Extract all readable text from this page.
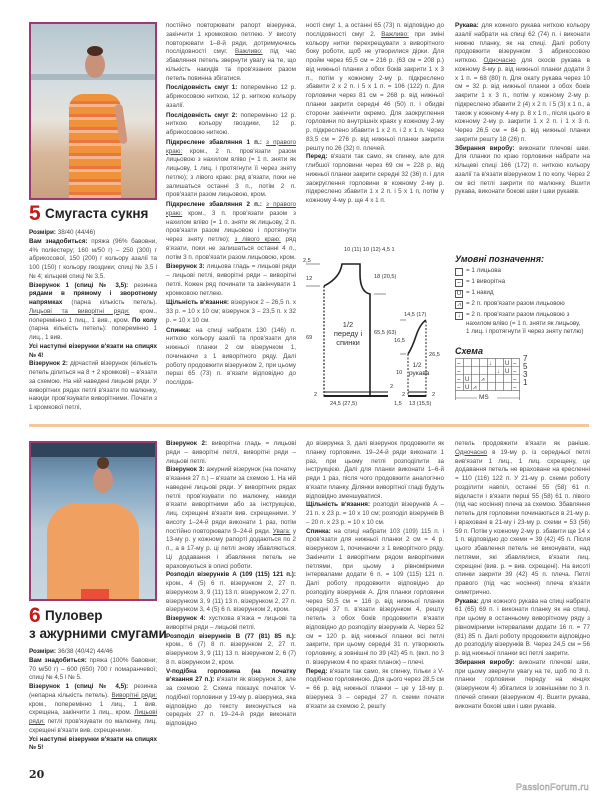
5 Смугаста сукня

Розміри: 38/40 (44/46)

Вам знадобиться: пряжа (96% бавовни, 4% поліестеру; 160 м/50 г) – 250 (300) г абрикосової, 150 (200) г кольору азалії та 100 (150) г кольору гвоздики; спиці № 3,5 і № 4; кільцеві спиці № 3,5.

Візерунок 1 (спиці № 3,5): резинка рядами в прямому і зворотному напрямках (парна кількість петель). Лицьові та виворітні ряди: кром., поперемінно 1 лиц., 1 вив., кром. По колу (парна кількість петель): поперемінно 1 лиц., 1 вив.

Усі наступні візерунки в'язати на спицях № 4!

Візерунок 2: дірчастий візерунок (кількість петель ділиться на 8 + 2 кромкові) – в'язати за схемою. На ній наведені лицьові ряди. У виворітних рядах петлі в'язати по малюнку, накиди пров'язувати виворітними. Почати з 1 кромкової петлі,

постійно повторювати рапорт візерунка, закінчити 1 кромковою петлею. У висоту повторювати 1–8-й ряди, дотримуючись послідовності смуг. Важливо: під час збавляння петель звернути увагу на те, що кількість накидів та пров'язаних разом петель повинна збігатися.

Послідовність смуг 1: поперемінно 12 р. абрикосовою ниткою, 12 р. ниткою кольору азалії.

Послідовність смуг 2: поперемінно 12 р. ниткою кольору гвоздики, 12 р. абрикосовою ниткою.

Підкреслене збавляння 1 п.: з правого краю: кром., 2 п. пров'язати разом лицьовою з нахилом вліво (= 1 п. зняти як лицьову, 1 лиц. і протягнути її через зняту петлю); з лівого краю: ряд в'язати, поки не залишаться останні 3 п., потім 2 п. пров'язати разом лицьовою, кром.

Підкреслене збавляння 2 п.: з правого краю: кром., 3 п. пров'язати разом з нахилом вліво (= 1 п. зняти як лицьову, 2 п. пров'язати разом лицьовою і протягнути через зняту петлю); з лівого краю: ряд в'язати, поки не залишаться останні 4 п., потім 3 п. пров'язати разом лицьовою, кром.

Візерунок 3: лицьова гладь = лицьові ряди – лицьові петлі, виворітні ряди – виворітні петлі. Кожен ряд починати та закінчувати 1 кромковою петлею.

Щільність в'язання: візерунок 2 – 26,5 п. x 33 р. = 10 x 10 см; візерунок 3 – 23,5 п. x 32 р. = 10 x 10 см.

Спинка: на спиці набрати 130 (146) п. ниткою кольору азалії та пров'язати для нижньої планки 2 см візерунком 1, починаючи з 1 виворітного ряду. Далі роботу продовжити візерунком 2, при цьому перші 65 (73) п. в'язати відповідно до послідов-

ності смуг 1, а останні 65 (73) п. відповідно до послідовності смуг 2. Важливо: при зміні кольору нитки перехрещувати з виворітного боку роботи, щоб не утворилися дірки. Для пройм через 65,5 см = 216 р. (63 см = 208 р.) від нижньої планки з обох боків закрити 1 x 3 п., потім у кожному 2-му р. підкреслено збавити 2 x 2 п. і 5 x 1 п. = 106 (122) п. Для горловини через 81 см = 268 р. від нижньої планки закрити середні 46 (50) п. і обидві сторони закінчити окремо. Для заокруглення горловини по внутрішніх краях у кожному 2-му р. підкреслено збавити 1 x 2 п. і 2 x 1 п. Через 83,5 см = 276 р. від нижньої планки закрити решту по 26 (32) п. плечей.

Перед: в'язати так само, як спинку, але для глибшої горловини через 69 см = 228 р. від нижньої планки закрити середні 32 (36) п. і для заокруглення горловини в кожному 2-му р. підкреслено збавити 1 x 2 п. і 5 x 1 п, потім у кожному 4-му р. ще 4 x 1 п.

Рукава: для кожного рукава ниткою кольору азалії набрати на спиці 62 (74) п. і виконати нижню планку, як на спиці. Далі роботу продовжити візерунком 3 абрикосовою ниткою. Одночасно для скосів рукава в кожному 8-му р. від нижньої планки додати 3 x 1 п. = 68 (80) п. Для окату рукава через 10 см = 32 р. від нижньої планки з обох боків закрити 1 x 3 п., потім у кожному 2-му р. підкреслено збавити 2 (4) x 2 п. і 5 (3) x 1 п., а також у кожному 4-му р. 8 x 1 п., після цього в кожному 2-му р. закрити 1 x 2 п. і 1 x 3 п. Через 26,5 см = 84 р. від нижньої планки закрити решту 18 (26) п.

Збирання виробу: виконати плечові шви. Для планки по краю горловини набрати на кільцеві спиці 166 (172) п. ниткою кольору азалії та в'язати візерунком 1 по колу. Через 2 см всі петлі закрити по малюнку. Вшити рукава, виконати бокові шви і шви рукавів.

Умовні позначення:
= 1 лицьова
– = 1 виворітна
U = 1 накид
⩘ = 2 п. пров'язати разом лицьовою
↓ = 2 п. пров'язати разом лицьовою з нахилом вліво (= 1 п. зняти як лицьову, 1 лиц. і протягнути її через зняту петлю)
Схема
–
–
–
–
U
U ⩘
⩘
↓
↓
U
U
–
–
–
–
7
5
3
1
MS
10 (11) 10 (12) 4,5 1
2,5
12	18 (20,5)
1/2 переду і спинки
69
65,5 (63)
2
2
24,5 (27,5)
14,5 (17)
16,5
10
26,5
1/2 рукава
2	2
1,5 13 (15,5)
6 Пуловер
з ажурними смугами

Розміри: 36/38 (40/42) 44/46

Вам знадобиться: пряжа (100% бавовни; 70 м/50 г) – 600 (650) 700 г помаранчевої; спиці № 4,5 і № 5.

Візерунок 1 (спиці № 4,5): резинка (непарна кількість петель). Виворітні ряди: кром., поперемінно 1 лиц., 1 вив. схрещена, закінчити 1 лиц., кром. Лицьові ряди: петлі пров'язувати по малюнку, лиц. схрещені в'язати вив. схрещеними.

Усі наступні візерунки в'язати на спицях № 5!

Візерунок 2: виворітна гладь = лицьові ряди – виворітні петлі, виворітні ряди – лицьові петлі.

Візерунок 3: ажурний візерунок (на початку в'язання 27 п.) – в'язати за схемою 1. На ній наведені лицьові ряди. У виворітних рядах петлі пров'язувати по малюнку, накиди в'язати виворітними або за інструкцією, лиц. схрещені в'язати вив. схрещеними. У висоту 1–24-й ряди виконати 1 раз, потім постійно повторювати 9–24-й ряди. Увага: у 13-му р. у кожному рапорті додаються по 2 п., а в 17-му р. ці петлі знову збавляються. Ці додавання і збавляння петель не враховуються в описі роботи.

Розподіл візерунків А (109 (115) 121 п.): кром., 4 (5) 6 п. візерунком 2, 27 п. візерунком 3, 9 (11) 13 п. візерунком 2, 27 п. візерунком 3, 9 (11) 13 п. візерунком 2, 27 п. візерунком 3, 4 (5) 6 п. візерунком 2, кром.

Візерунок 4: хусткова в'язка = лицьові та виворітні ряди – лицьові петлі.

Розподіл візерунків В (77 (81) 85 п.): кром., 6 (7) 8 п. візерунком 2, 27 п. візерунком 3, 9 (11) 13 п. візерунком 2, 6 (7) 8 п. візерунком 2, кром.

V-подібна горловина (на початку в'язання 27 п.): в'язати як візерунок 3, але за схемою 2. Схема показує початок V-подібної горловини у 19-му р. візерунка, яка відповідно до тексту виконується на середніх 27 п. 19–24-й ряди виконати відповідно

до візерунка 3, далі візерунок продовжити як планку горловини. 19–24-й ряди виконати 1 раз, при цьому петлі розподілити за інструкцією. Далі для планки виконати 1–6-й ряди 1 раз, після чого продовжити аналогічно в'язати планку. Ділянки виворітної гладі будуть відповідно зменшуватися.

Щільність в'язання: розподіл візерунків А – 21 п. x 23 р. = 10 x 10 см; розподіл візерунків В – 20 п. x 23 р. = 10 x 10 см.

Спинка: на спиці набрати 103 (109) 115 п. і пров'язати для нижньої планки 2 см = 4 р. візерунком 1, починаючи з 1 виворітного ряду. Закінчити 1 виворітним рядом виворітними петлями, при цьому з рівномірними інтервалами додати 6 п. = 109 (115) 121 п. Далі роботу продовжити відповідно до розподілу візерунків А. Для планки горловини через 50,5 см = 116 р. від нижньої планки середні 37 п. в'язати візерунком 4, решту петель з обох боків продовжити в'язати відповідно до розподілу візерунків А. Через 52 см = 120 р. від нижньої планки всі петлі закрити, при цьому середні 31 п. утворюють горловину, а зовнішні по 39 (42) 45 п. (вкл. по 3 п. візерунком 4 по краях планок) – плечі.

Перед: в'язати так само, як спинку, тільки з V-подібною горловиною. Для цього через 28,5 см = 66 р. від нижньої планки – це у 18-му р. візерунка 3 – середні 27 п. схеми почати в'язати за схемою 2, решту

петель продовжити в'язати як раніше. Одночасно в 19-му р. із середньої петлі вив'язати 1 лиц., 1 лиц. схрещену, це додавання петель не враховане на кресленні = 110 (116) 122 п. У 21-му р. схеми роботу розділити навпіл, останні 55 (58) 61 п. відкласти і в'язати перші 55 (58) 61 п. лівого (під час носіння) плеча за схемою. Збавляння петель для горловини починаються в 21-му р. і враховані в 21-му і 23-му р. схеми = 53 (56) 59 п. Потім у кожному 2-му р. збавити ще 14 x 1 п. відповідно до схеми = 39 (42) 45 п. Після цього збавлення петель не виконувати, над петлями, які збавлялися, в'язати лиц. схрещені (вив. р. = вив. схрещені). На висоті спинки закрити 39 (42) 45 п. плеча. Петлі правого (під час носіння) плеча в'язати симетрично.

Рукава: для кожного рукава на спиці набрати 61 (65) 69 п. і виконати планку як на спиці, при цьому в останньому виворітному ряду з рівномірними інтервалами додати 16 п. = 77 (81) 85 п. Далі роботу продовжити відповідно до розподілу візерунків В. Через 24,5 см = 56 р. від нижньої планки всі петлі закрити.

Збирання виробу: виконати плечові шви, при цьому звернути увагу на те, щоб по 3 п. планки горловини переду на кінцях (візерунком 4) збігалися із зовнішніми по 3 п. плечей спинки (візерунком 4). Вшити рукава, виконати бокові шви і шви рукавів.

20
PassionForum.ru
